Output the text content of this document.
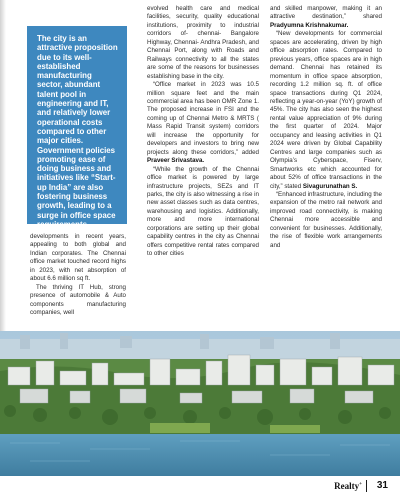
The city is an attractive proposition due to its well-established manufacturing sector, abundant talent pool in engineering and IT, and relatively lower operational costs compared to other major cities. Government policies promoting ease of doing business and initiatives like “Start-up India” are also fostering business growth, leading to a surge in office space requirements.

developments in recent years, appealing to both global and Indian corporates. The Chennai office market touched record highs in 2023, with net absorption of about 6.6 million sq ft.

The thriving IT Hub, strong presence of automobile & Auto components manufacturing companies, well

evolved health care and medical facilities, security, quality educational institutions, proximity to industrial corridors of- chennai- Bangalore Highway, Chennai- Andhra Pradesh, and Chennai Port, along with Roads and Railways connectivity to all the states are some of the reasons for businesses establishing base in the city.

“Office market in 2023 was 10.5 million square feet and the main commercial area has been OMR Zone 1. The proposed increase in FSI and the coming up of Chennai Metro & MRTS ( Mass Rapid Transit system) corridors will increase the opportunity for developers and investors to bring new projects along these corridors,” added Praveer Srivastava.

“While the growth of the Chennai office market is powered by large infrastructure projects, SEZs and IT parks, the city is also witnessing a rise in new asset classes such as data centres, warehousing and logistics. Additionally, more and more international corporations are setting up their global capability centres in the city as Chennai offers competitive rental rates compared to other cities

and skilled manpower, making it an attractive destination,” shared Pradyumna Krishnakumar.

“New developments for commercial spaces are accelerating, driven by high office absorption rates. Compared to previous years, office spaces are in high demand. Chennai has retained its momentum in office space absorption, recording 1.2 million sq. ft. of office space transactions during Q1 2024, reflecting a year-on-year (YoY) growth of 45%. The city has also seen the highest rental value appreciation of 9% during the first quarter of 2024. Major occupancy and leasing activities in Q1 2024 were driven by Global Capability Centres and large companies such as Olympia’s Cyberspace, Fiserv, Smartworks etc which accounted for about 52% of office transactions in the city,” stated Sivagurunathan S.

“Enhanced infrastructure, including the expansion of the metro rail network and improved road connectivity, is making Chennai more accessible and convenient for businesses. Additionally, the rise of flexible work arrangements and

Realty+ 31
